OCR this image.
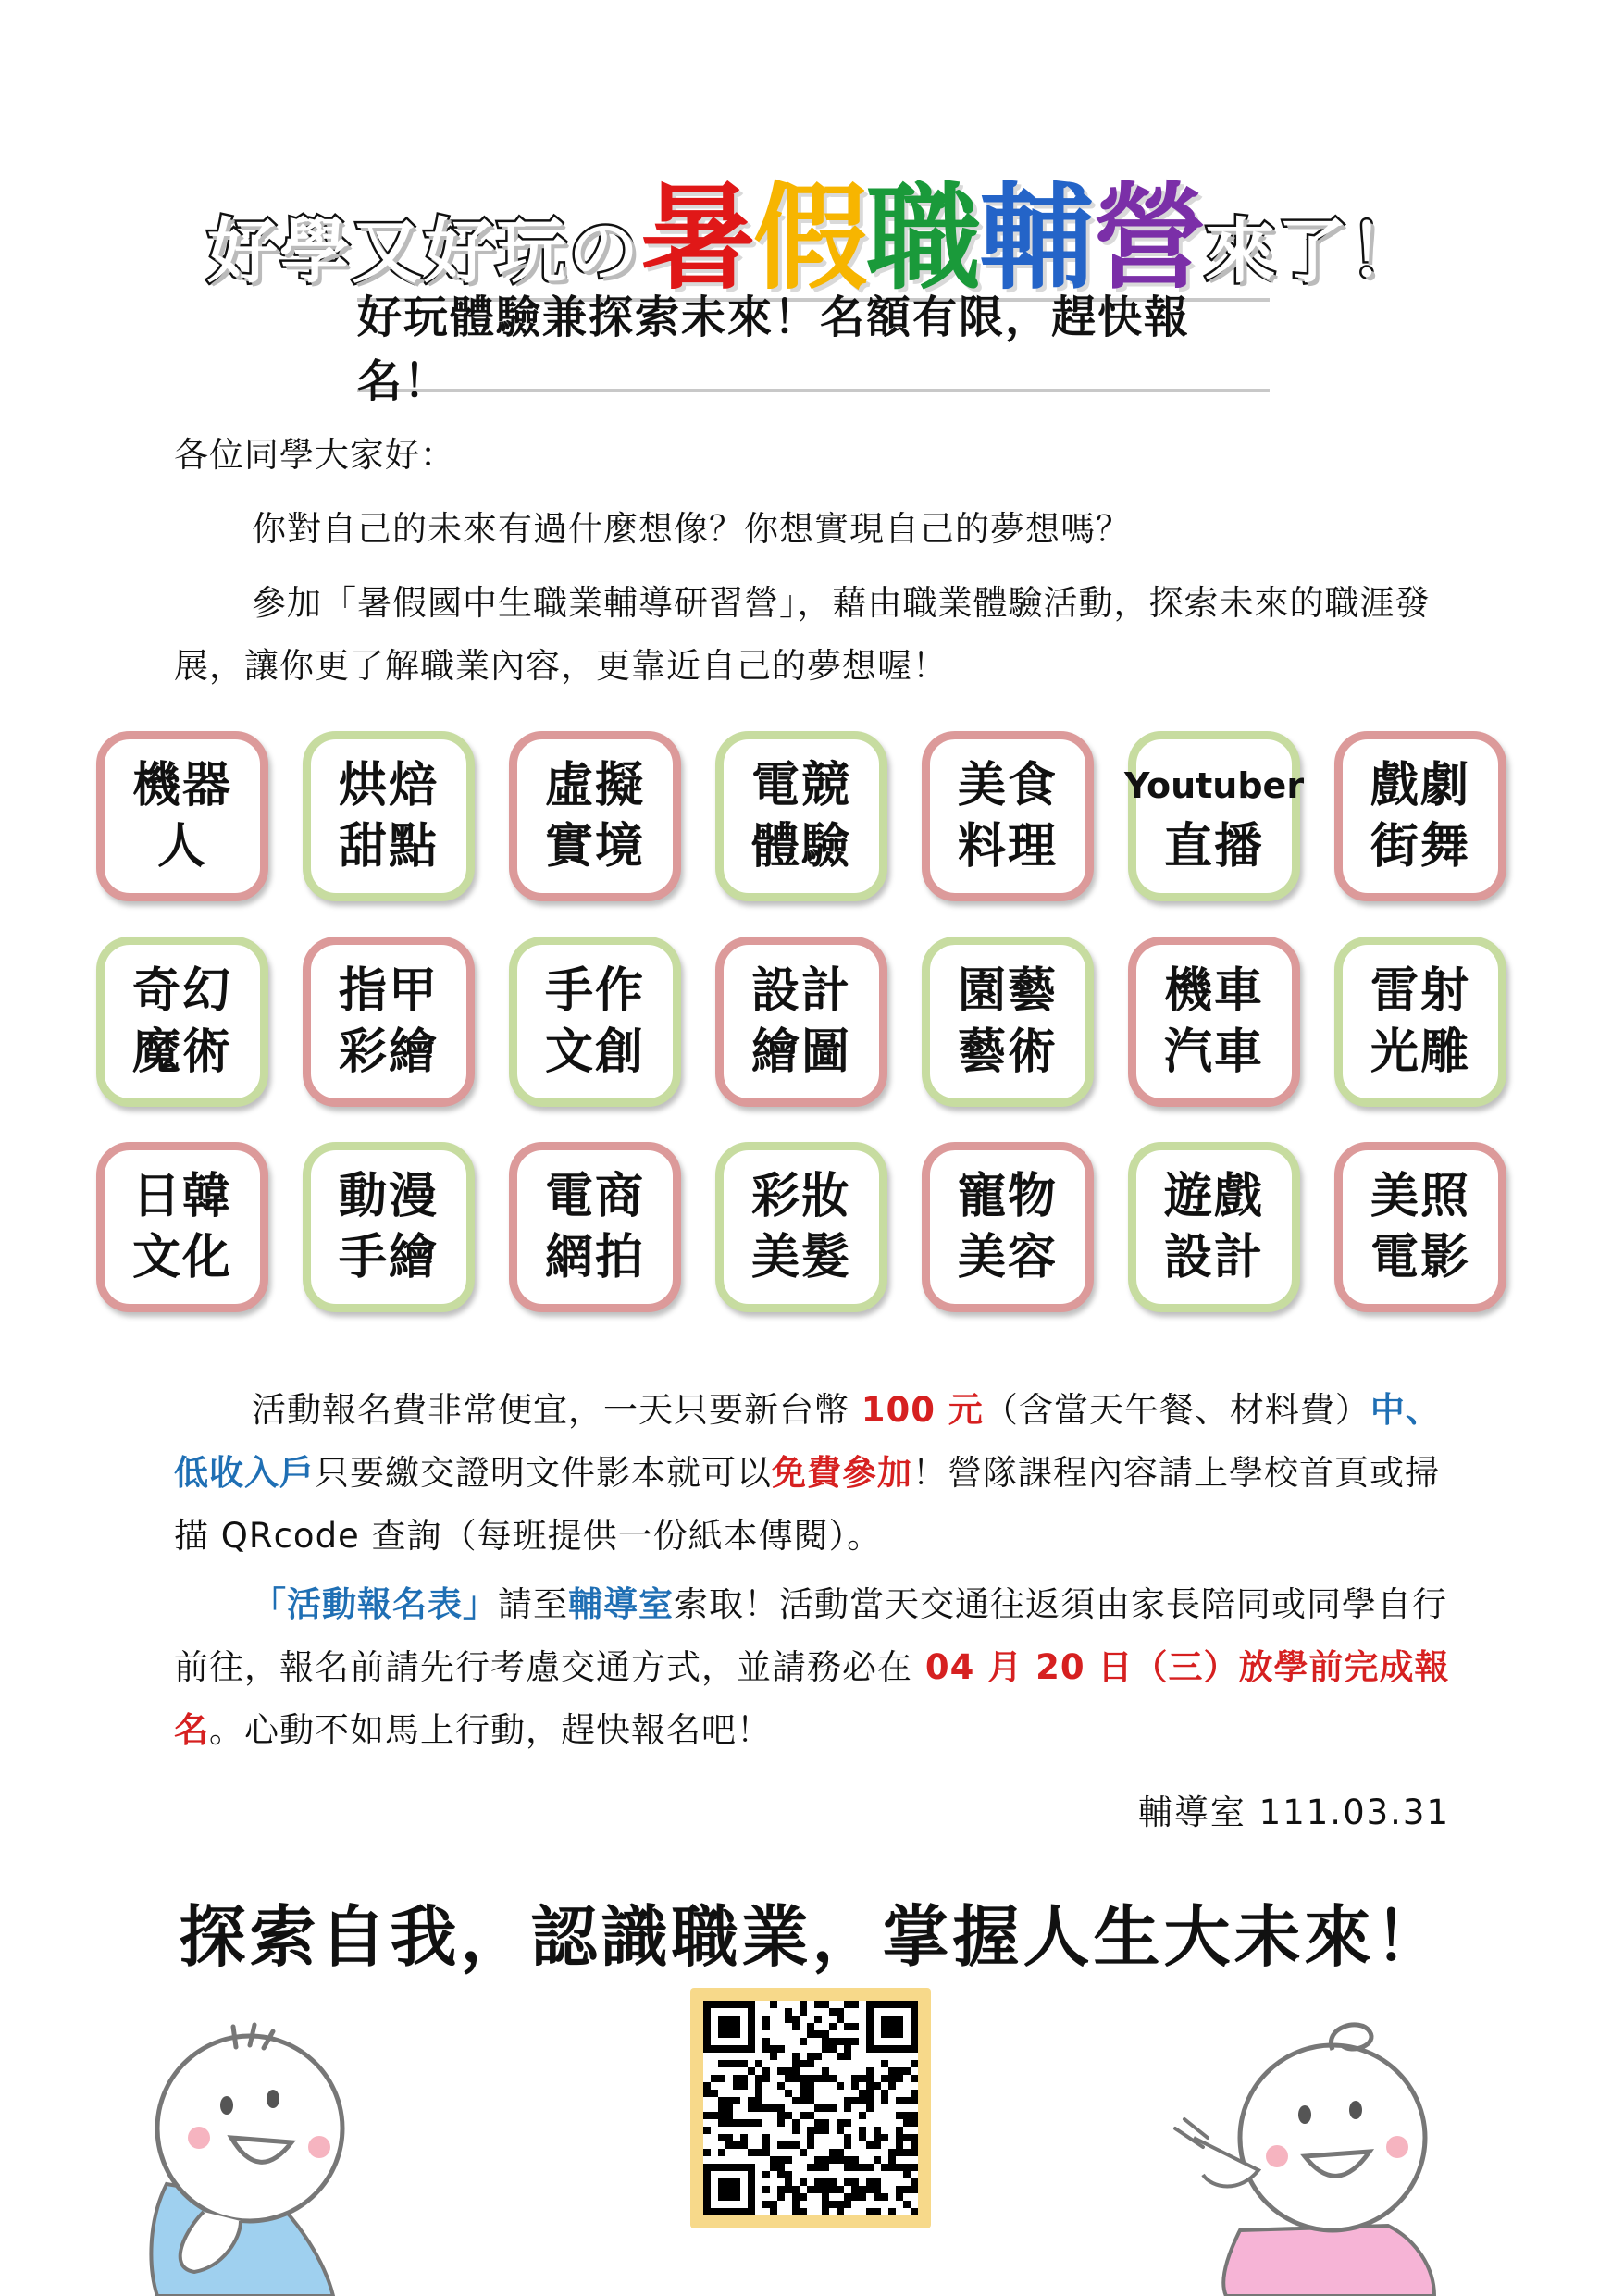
好學又好玩の 暑 假 職 輔 營 來了！
好玩體驗兼探索未來！名額有限，趕快報名！
各位同學大家好：
你對自己的未來有過什麼想像？你想實現自己的夢想嗎？
參加「暑假國中生職業輔導研習營」，藉由職業體驗活動，探索未來的職涯發展，讓你更了解職業內容，更靠近自己的夢想喔！
機器
人
烘焙
甜點
虛擬
實境
電競
體驗
美食
料理
Youtuber
直播
戲劇
街舞
奇幻
魔術
指甲
彩繪
手作
文創
設計
繪圖
園藝
藝術
機車
汽車
雷射
光雕
日韓
文化
動漫
手繪
電商
網拍
彩妝
美髮
寵物
美容
遊戲
設計
美照
電影
活動報名費非常便宜，一天只要新台幣 100 元（含當天午餐、材料費）中、低收入戶只要繳交證明文件影本就可以免費參加！營隊課程內容請上學校首頁或掃描 QRcode 查詢（每班提供一份紙本傳閱）。
「活動報名表」請至輔導室索取！活動當天交通往返須由家長陪同或同學自行前往，報名前請先行考慮交通方式，並請務必在 04 月 20 日（三）放學前完成報名。心動不如馬上行動，趕快報名吧！
輔導室 111.03.31
探索自我，認識職業，掌握人生大未來！
